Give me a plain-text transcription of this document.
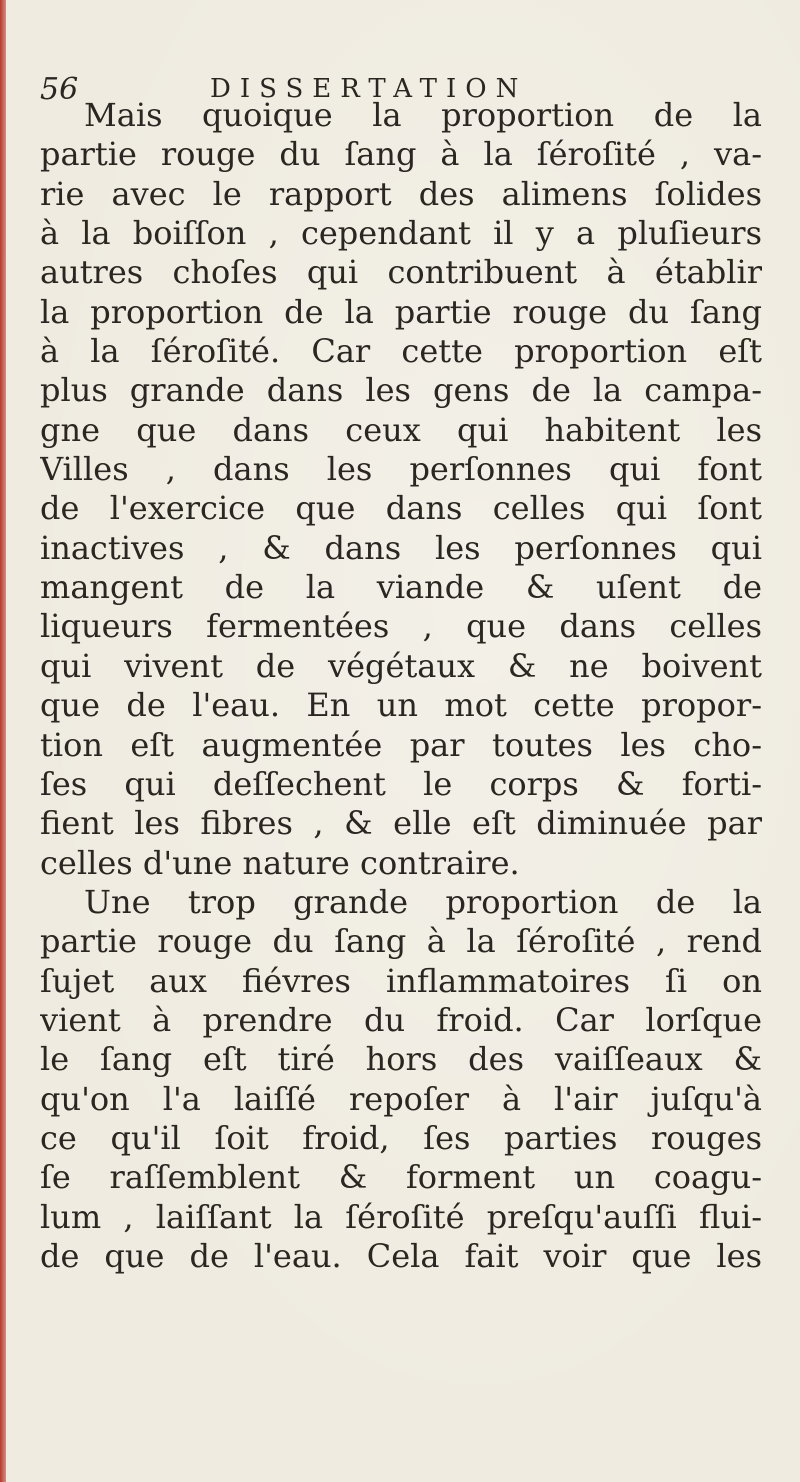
56	DISSERTATION
Mais quoique la proportion de la
partie rouge du ſang à la ſéroſité , va-
rie avec le rapport des alimens ſolides
à la boiſſon , cependant il y a pluſieurs
autres choſes qui contribuent à établir
la proportion de la partie rouge du ſang
à la ſéroſité. Car cette proportion eſt
plus grande dans les gens de la campa-
gne que dans ceux qui habitent les
Villes , dans les perſonnes qui font
de l'exercice que dans celles qui ſont
inactives , & dans les perſonnes qui
mangent de la viande & uſent de
liqueurs fermentées , que dans celles
qui vivent de végétaux & ne boivent
que de l'eau. En un mot cette propor-
tion eſt augmentée par toutes les cho-
ſes qui deſſechent le corps & forti-
fient les fibres , & elle eſt diminuée par
celles d'une nature contraire.
Une trop grande proportion de la
partie rouge du ſang à la ſéroſité , rend
ſujet aux fiévres inflammatoires ſi on
vient à prendre du froid. Car lorſque
le ſang eſt tiré hors des vaiſſeaux &
qu'on l'a laiſſé repoſer à l'air juſqu'à
ce qu'il ſoit froid, ſes parties rouges
ſe raſſemblent & forment un coagu-
lum , laiſſant la ſéroſité preſqu'auſſi flui-
de que de l'eau. Cela fait voir que les
